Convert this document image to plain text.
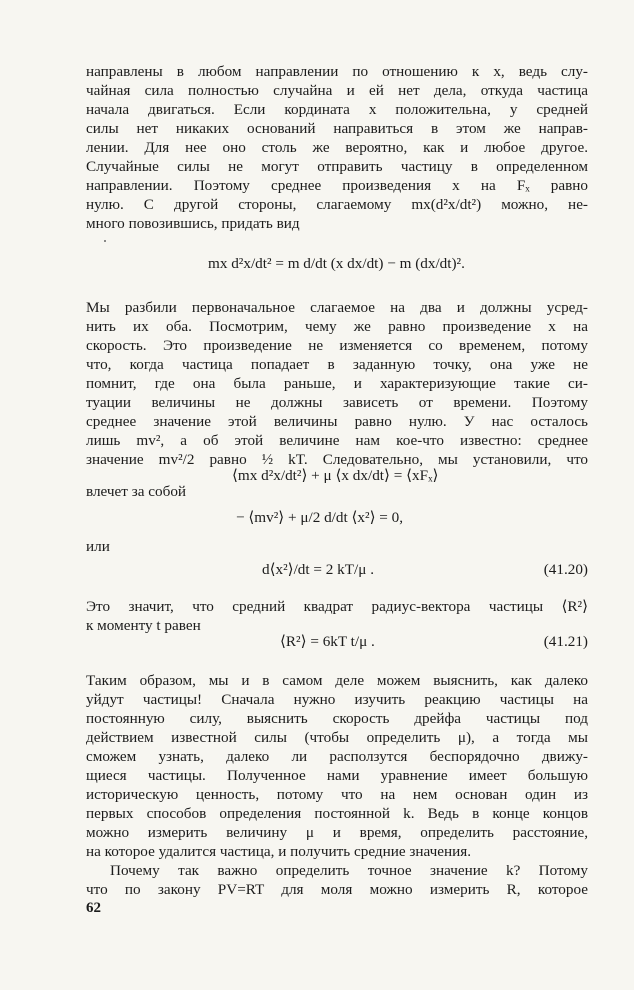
направлены в любом направлении по отношению к x, ведь слу-
чайная сила полностью случайна и ей нет дела, откуда частица
начала двигаться. Если кордината x положительна, у средней
силы нет никаких оснований направиться в этом же направ-
лении. Для нее оно столь же вероятно, как и любое другое.
Случайные силы не могут отправить частицу в определенном
направлении. Поэтому среднее произведения x на Fₓ равно
нулю. С другой стороны, слагаемому mx(d²x/dt²) можно, не-
много повозившись, придать вид
mx d²x/dt² = m d/dt (x dx/dt) − m (dx/dt)².
Мы разбили первоначальное слагаемое на два и должны усред-
нить их оба. Посмотрим, чему же равно произведение x на
скорость. Это произведение не изменяется со временем, потому
что, когда частица попадает в заданную точку, она уже не
помнит, где она была раньше, и характеризующие такие си-
туации величины не должны зависеть от времени. Поэтому
среднее значение этой величины равно нулю. У нас осталось
лишь mv², а об этой величине нам кое-что известно: среднее
значение mv²/2 равно ½ kT. Следовательно, мы установили, что
⟨mx d²x/dt²⟩ + μ ⟨x dx/dt⟩ = ⟨xFₓ⟩
влечет за собой
− ⟨mv²⟩ + μ/2 d/dt ⟨x²⟩ = 0,
или
d⟨x²⟩/dt = 2 kT/μ .	(41.20)
Это значит, что средний квадрат радиус-вектора частицы ⟨R²⟩
к моменту t равен
⟨R²⟩ = 6kT t/μ .	(41.21)
Таким образом, мы и в самом деле можем выяснить, как далеко
уйдут частицы! Сначала нужно изучить реакцию частицы на
постоянную силу, выяснить скорость дрейфа частицы под
действием известной силы (чтобы определить μ), а тогда мы
сможем узнать, далеко ли расползутся беспорядочно движу-
щиеся частицы. Полученное нами уравнение имеет большую
историческую ценность, потому что на нем основан один из
первых способов определения постоянной k. Ведь в конце концов
можно измерить величину μ и время, определить расстояние,
на которое удалится частица, и получить средние значения.
Почему так важно определить точное значение k? Потому
что по закону PV=RT для моля можно измерить R, которое
62
